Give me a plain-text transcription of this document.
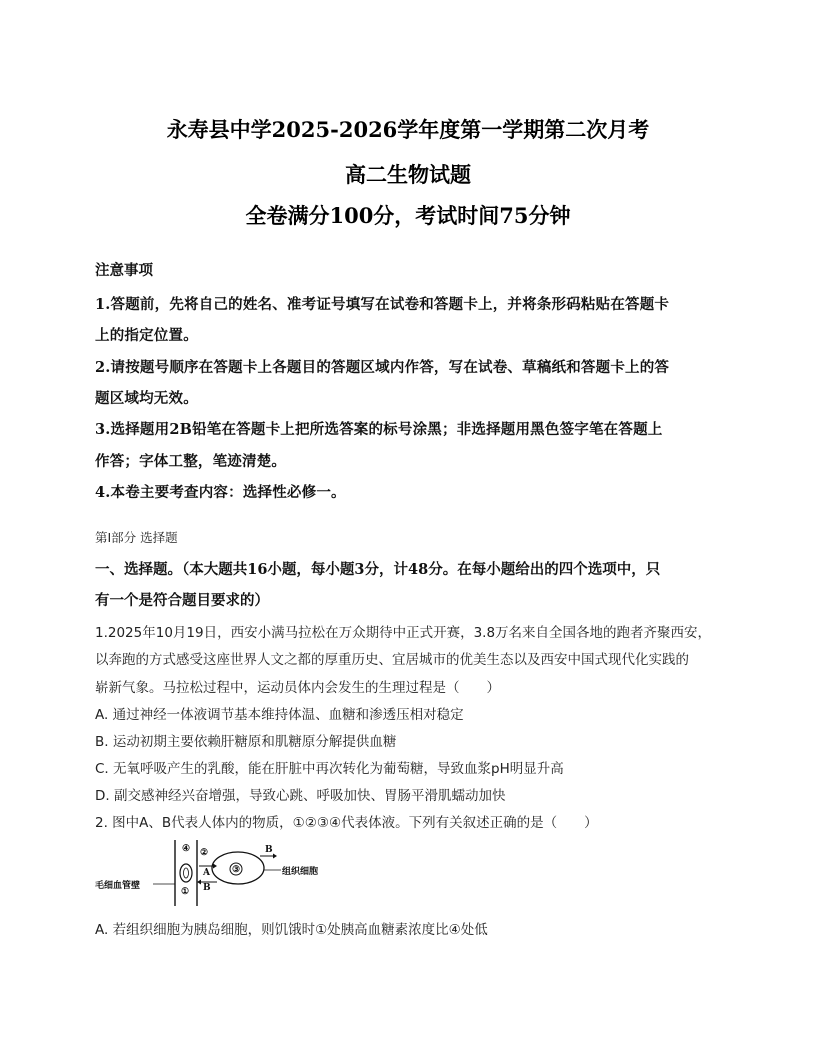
永寿县中学2025-2026学年度第一学期第二次月考
高二生物试题
全卷满分100分，考试时间75分钟
注意事项
1.答题前，先将自己的姓名、准考证号填写在试卷和答题卡上，并将条形码粘贴在答题卡
上的指定位置。
2.请按题号顺序在答题卡上各题目的答题区域内作答，写在试卷、草稿纸和答题卡上的答
题区域均无效。
3.选择题用2B铅笔在答题卡上把所选答案的标号涂黑；非选择题用黑色签字笔在答题上
作答；字体工整，笔迹清楚。
4.本卷主要考查内容：选择性必修一。
第Ⅰ部分 选择题
一、选择题。（本大题共16小题，每小题3分，计48分。在每小题给出的四个选项中，只
有一个是符合题目要求的）
1.2025年10月19日，西安小满马拉松在万众期待中正式开赛，3.8万名来自全国各地的跑者齐聚西安，
以奔跑的方式感受这座世界人文之都的厚重历史、宜居城市的优美生态以及西安中国式现代化实践的
崭新气象。马拉松过程中，运动员体内会发生的生理过程是（　　）
A. 通过神经一体液调节基本维持体温、血糖和渗透压相对稳定
B. 运动初期主要依赖肝糖原和肌糖原分解提供血糖
C. 无氧呼吸产生的乳酸，能在肝脏中再次转化为葡萄糖，导致血浆pH明显升高
D. 副交感神经兴奋增强，导致心跳、呼吸加快、胃肠平滑肌蠕动加快
2. 图中A、B代表人体内的物质，①②③④代表体液。下列有关叙述正确的是（　　）
毛细血管壁
组织细胞
④ ②
①
③
A
B
B
A. 若组织细胞为胰岛细胞，则饥饿时①处胰高血糖素浓度比④处低
